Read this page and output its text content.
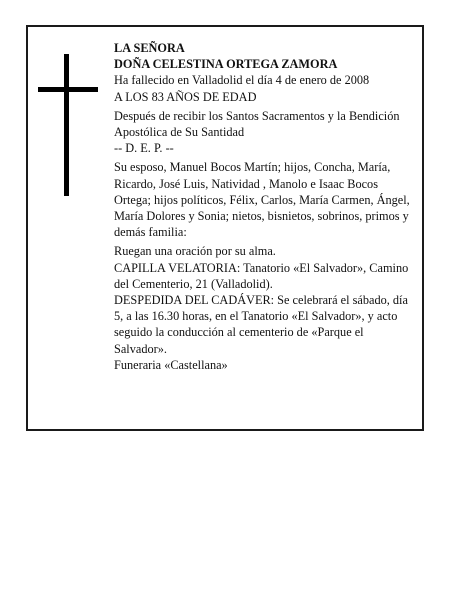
LA SEÑORA

DOÑA CELESTINA ORTEGA ZAMORA

Ha fallecido en Valladolid el día 4 de enero de 2008

A LOS 83 AÑOS DE EDAD

Después de recibir los Santos Sacramentos y la Bendición Apostólica de Su Santidad

-- D. E. P. --

Su esposo, Manuel Bocos Martín; hijos, Concha, María, Ricardo, José Luis, Natividad , Manolo e Isaac Bocos Ortega; hijos políticos, Félix, Carlos, María Carmen, Ángel, María Dolores y Sonia; nietos, bisnietos, sobrinos, primos y demás familia:

Ruegan una oración por su alma.

CAPILLA VELATORIA: Tanatorio «El Salvador», Camino del Cementerio, 21 (Valladolid).

DESPEDIDA DEL CADÁVER: Se celebrará el sábado, día 5, a las 16.30 horas, en el Tanatorio «El Salvador», y acto seguido la conducción al cementerio de «Parque el Salvador».

Funeraria «Castellana»
